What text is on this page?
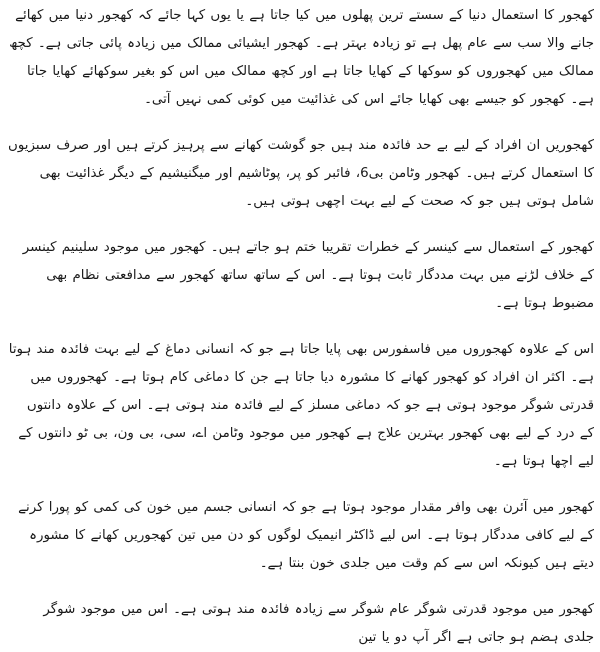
کھجور کا استعمال دنیا کے سستے ترین پھلوں میں کیا جاتا ہے یا یوں کہا جائے کہ کھجور دنیا میں کھائے جانے والا سب سے عام پھل ہے تو زیادہ بہتر ہے۔ کھجور ایشیائی ممالک میں زیادہ پائی جاتی ہے۔ کچھ ممالک میں کھجوروں کو سوکھا کے کھایا جاتا ہے اور کچھ ممالک میں اس کو بغیر سوکھائے کھایا جاتا ہے۔ کھجور کو جیسے بھی کھایا جائے اس کی غذائیت میں کوئی کمی نہیں آتی۔

کھجوریں ان افراد کے لیے بے حد فائدہ مند ہیں جو گوشت کھانے سے پرہیز کرتے ہیں اور صرف سبزیوں کا استعمال کرتے ہیں۔ کھجور وٹامن بی6، فائبر کو پر، پوٹاشیم اور میگنیشیم کے دیگر غذائیت بھی شامل ہوتی ہیں جو کہ صحت کے لیے بہت اچھی ہوتی ہیں۔

کھجور کے استعمال سے کینسر کے خطرات تقریبا ختم ہو جاتے ہیں۔ کھجور میں موجود سلینیم کینسر کے خلاف لڑنے میں بہت مددگار ثابت ہوتا ہے۔ اس کے ساتھ ساتھ کھجور سے مدافعتی نظام بھی مضبوط ہوتا ہے۔

اس کے علاوہ کھجوروں میں فاسفورس بھی پایا جاتا ہے جو کہ انسانی دماغ کے لیے بہت فائدہ مند ہوتا ہے۔ اکثر ان افراد کو کھجور کھانے کا مشورہ دیا جاتا ہے جن کا دماغی کام ہوتا ہے۔ کھجوروں میں قدرتی شوگر موجود ہوتی ہے جو کہ دماغی مسلز کے لیے فائدہ مند ہوتی ہے۔ اس کے علاوہ دانتوں کے درد کے لیے بھی کھجور بہترین علاج ہے کھجور میں موجود وٹامن اے، سی، بی ون، بی ٹو دانتوں کے لیے اچھا ہوتا ہے۔

کھجور میں آئرن بھی وافر مقدار موجود ہوتا ہے جو کہ انسانی جسم میں خون کی کمی کو پورا کرنے کے لیے کافی مددگار ہوتا ہے۔ اس لیے ڈاکٹر انیمیک لوگوں کو دن میں تین کھجوریں کھانے کا مشورہ دیتے ہیں کیونکہ اس سے کم وقت میں جلدی خون بنتا ہے۔

کھجور میں موجود قدرتی شوگر عام شوگر سے زیادہ فائدہ مند ہوتی ہے۔ اس میں موجود شوگر جلدی ہضم ہو جاتی ہے اگر آپ دو یا تین
